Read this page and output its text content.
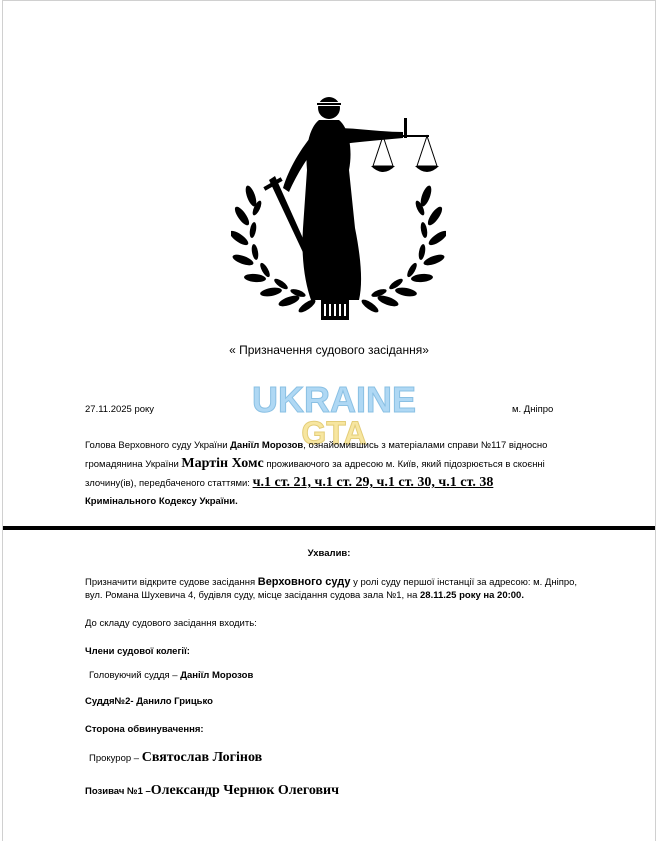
« Призначення судового засідання»
UKRAINE
GTA
27.11.2025 року	м. Дніпро
Голова Верховного суду України Даніїл Морозов, ознайомившись з матеріалами справи №117 відносно громадянина України Мартін Хомс проживаючого за адресою м. Київ, який підозрюється в скоєнні злочину(ів), передбаченого статтями: ч.1 ст. 21, ч.1 ст. 29, ч.1 ст. 30, ч.1 ст. 38
Кримінального Кодексу України.
Ухвалив:
Призначити відкрите судове засідання Верховного суду у ролі суду першої інстанції за адресою: м. Дніпро, вул. Романа Шухевича 4, будівля суду, місце засідання судова зала №1, на 28.11.25 року на 20:00.
До складу судового засідання входить:
Члени судової колегії:
Головуючий суддя – Даніїл Морозов
Суддя№2- Данило Грицько
Сторона обвинувачення:
Прокурор – Святослав Логінов
Позивач №1 –Олександр Чернюк Олегович
